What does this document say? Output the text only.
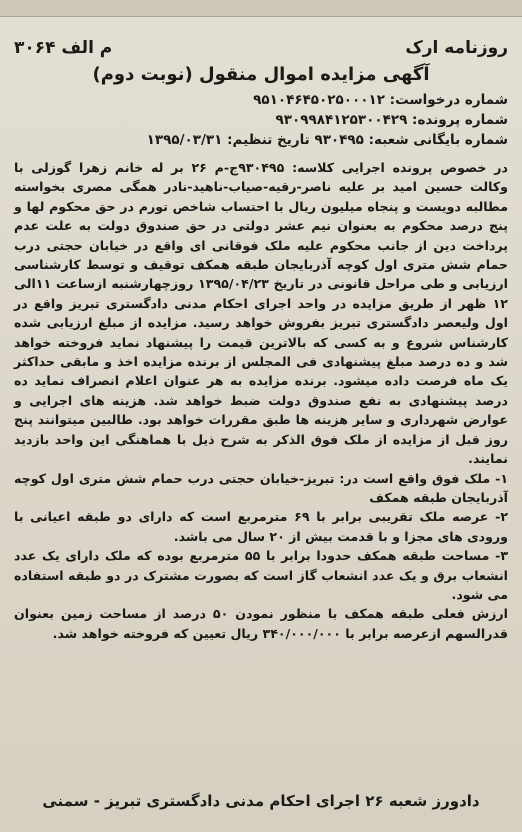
روزنامه ارک
م الف ۳۰۶۴
آگهی مزایده اموال منقول (نوبت دوم)
شماره درخواست: ۹۵۱۰۴۶۴۵۰۲۵۰۰۰۱۲
شماره پرونده: ۹۳۰۹۹۸۴۱۲۵۳۰۰۴۲۹
شماره بایگانی شعبه: ۹۳۰۴۹۵ تاریخ تنظیم: ۱۳۹۵/۰۳/۳۱

در خصوص پرونده اجرایی کلاسه: ۹۳۰۴۹۵ج-م ۲۶ بر له خانم زهرا گوزلی با وکالت حسین امید بر علیه ناصر-رقیه-صیاب-ناهید-نادر همگی مصری بخواسته مطالبه دویست و پنجاه میلیون ریال با احتساب شاخص تورم در حق محکوم لها و پنج درصد محکوم به بعنوان نیم عشر دولتی در حق صندوق دولت به علت عدم پرداخت دین از جانب محکوم علیه ملک فوقانی ای واقع در خیابان حجتی درب حمام شش متری اول کوچه آذربایجان طبقه همکف توقیف و توسط کارشناسی ارزیابی و طی مراحل قانونی در تاریخ ۱۳۹۵/۰۴/۲۳ روزچهارشنبه ازساعت ۱۱الی ۱۲ ظهر از طریق مزایده در واحد اجرای احکام مدنی دادگستری تبریز واقع در اول ولیعصر دادگستری تبریز بفروش خواهد رسید. مزایده از مبلغ ارزیابی شده کارشناس شروع و به کسی که بالاترین قیمت را پیشنهاد نماید فروخته خواهد شد و ده درصد مبلغ پیشنهادی فی المجلس از برنده مزایده اخذ و مابقی حداکثر یک ماه فرصت داده میشود. برنده مزایده به هر عنوان اعلام انصراف نماید ده درصد پیشنهادی به نفع صندوق دولت ضبط خواهد شد. هزینه های اجرایی و عوارض شهرداری و سایر هزینه ها طبق مقررات خواهد بود. طالبین میتوانند پنج روز قبل از مزایده از ملک فوق الذکر به شرح ذیل با هماهنگی این واحد بازدید نمایند.

۱- ملک فوق واقع است در: تبریز-خیابان حجتی درب حمام شش متری اول کوچه آذربایجان طبقه همکف

۲- عرصه ملک تقریبی برابر با ۶۹ مترمربع است که دارای دو طبقه اعیانی با ورودی های مجزا و با قدمت بیش از ۲۰ سال می باشد.

۳- مساحت طبقه همکف حدودا برابر با ۵۵ مترمربع بوده که ملک دارای یک عدد انشعاب برق و یک عدد انشعاب گاز است که بصورت مشترک در دو طبقه استفاده می شود.

ارزش فعلی طبقه همکف با منظور نمودن ۵۰ درصد از مساحت زمین بعنوان قدرالسهم ازعرصه برابر با ۳۴۰/۰۰۰/۰۰۰ ریال تعیین که فروخته خواهد شد.

دادورز شعبه ۲۶ اجرای احکام مدنی دادگستری تبریز - سمنی
